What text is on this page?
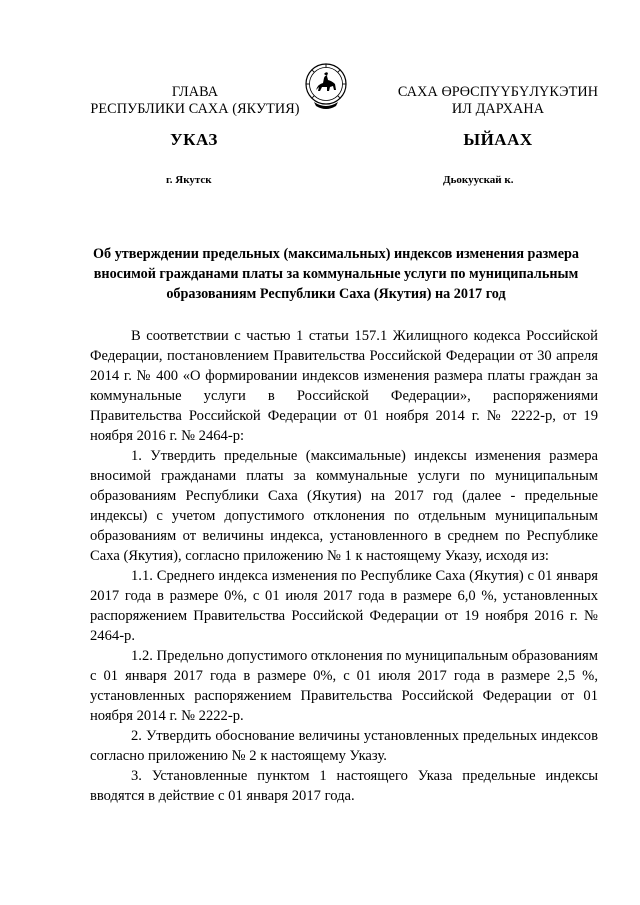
ГЛАВА
РЕСПУБЛИКИ САХА (ЯКУТИЯ)
САХА ӨРӨСПҮҮБҮЛҮКЭТИН
ИЛ ДАРХАНА
УКАЗ	ЫЙААХ
г. Якутск	Дьокуускай к.
Об утверждении предельных (максимальных) индексов изменения размера вносимой гражданами платы за коммунальные услуги по муниципальным образованиям Республики Саха (Якутия) на 2017 год

В соответствии с частью 1 статьи 157.1 Жилищного кодекса Российской Федерации, постановлением Правительства Российской Федерации от 30 апреля 2014 г. № 400 «О формировании индексов изменения размера платы граждан за коммунальные услуги в Российской Федерации», распоряжениями Правительства Российской Федерации от 01 ноября 2014 г. № 2222-р, от 19 ноября 2016 г. № 2464-р:

1. Утвердить предельные (максимальные) индексы изменения размера вносимой гражданами платы за коммунальные услуги по муниципальным образованиям Республики Саха (Якутия) на 2017 год (далее - предельные индексы) с учетом допустимого отклонения по отдельным муниципальным образованиям от величины индекса, установленного в среднем по Республике Саха (Якутия), согласно приложению № 1 к настоящему Указу, исходя из:

1.1. Среднего индекса изменения по Республике Саха (Якутия) с 01 января 2017 года в размере 0%, с 01 июля 2017 года в размере 6,0 %, установленных распоряжением Правительства Российской Федерации от 19 ноября 2016 г. № 2464-р.

1.2. Предельно допустимого отклонения по муниципальным образованиям с 01 января 2017 года в размере 0%, с 01 июля 2017 года в размере 2,5 %, установленных распоряжением Правительства Российской Федерации от 01 ноября 2014 г. № 2222-р.

2. Утвердить обоснование величины установленных предельных индексов согласно приложению № 2 к настоящему Указу.

3. Установленные пунктом 1 настоящего Указа предельные индексы вводятся в действие с 01 января 2017 года.
